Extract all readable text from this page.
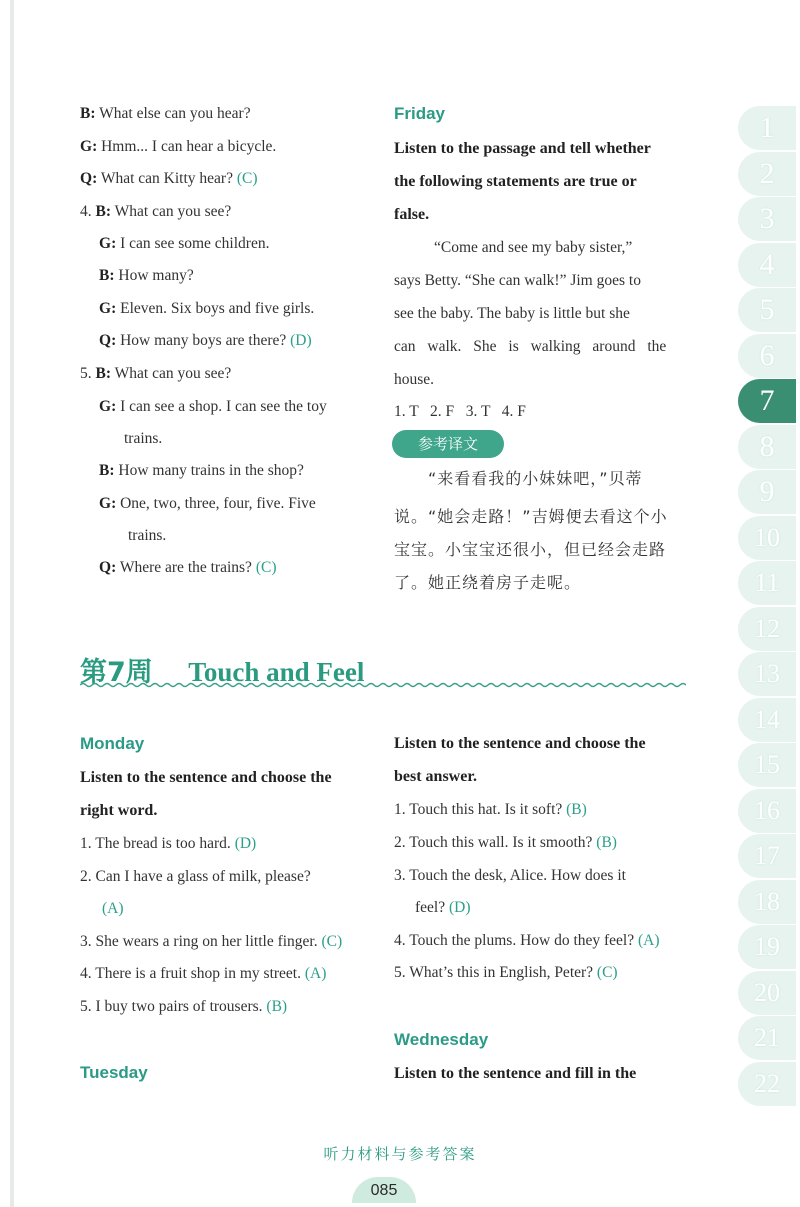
B: What else can you hear?
G: Hmm... I can hear a bicycle.
Q: What can Kitty hear? (C)
4. B: What can you see?
G: I can see some children.
B: How many?
G: Eleven. Six boys and five girls.
Q: How many boys are there? (D)
5. B: What can you see?
G: I can see a shop. I can see the toy
trains.
B: How many trains in the shop?
G: One, two, three, four, five. Five
trains.
Q: Where are the trains? (C)
Friday
Listen to the passage and tell whether
the following statements are true or
false.
“Come and see my baby sister,”
says Betty. “She can walk!” Jim goes to
see the baby. The baby is little but she
can walk. She is walking around the
house.
1. T   2. F   3. T   4. F
参考译文
“来看看我的小妹妹吧，”贝蒂
说。“她会走路！”吉姆便去看这个小
宝宝。小宝宝还很小，但已经会走路
了。她正绕着房子走呢。
第7周 Touch and Feel
Monday
Listen to the sentence and choose the
right word.
1. The bread is too hard. (D)
2. Can I have a glass of milk, please?
(A)
3. She wears a ring on her little finger. (C)
4. There is a fruit shop in my street. (A)
5. I buy two pairs of trousers. (B)
Tuesday
Listen to the sentence and choose the
best answer.
1. Touch this hat. Is it soft? (B)
2. Touch this wall. Is it smooth? (B)
3. Touch the desk, Alice. How does it
feel? (D)
4. Touch the plums. How do they feel? (A)
5. What’s this in English, Peter? (C)
Wednesday
Listen to the sentence and fill in the
1
2
3
4
5
6
7
8
9
10
11
12
13
14
15
16
17
18
19
20
21
22
听力材料与参考答案
085
